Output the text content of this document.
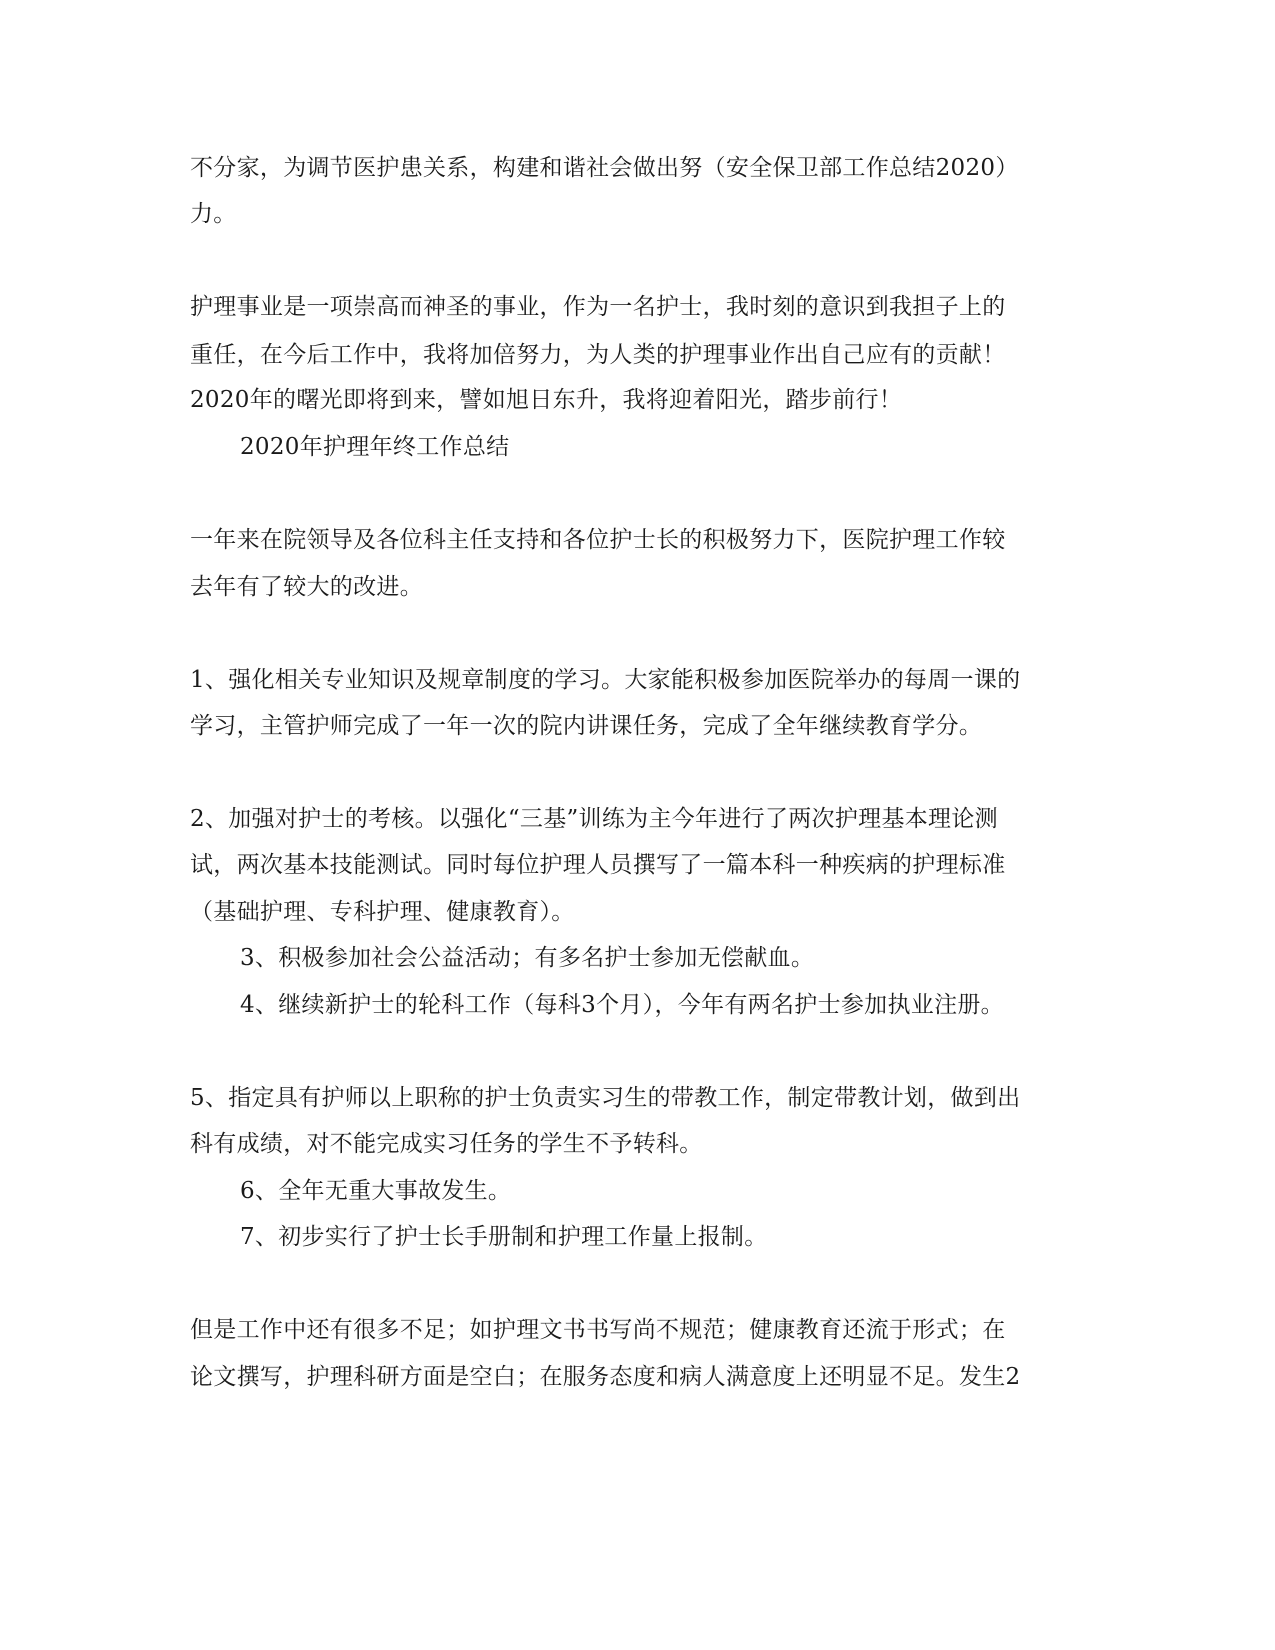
不分家，为调节医护患关系，构建和谐社会做出努（安全保卫部工作总结2020）
力。
护理事业是一项崇高而神圣的事业，作为一名护士，我时刻的意识到我担子上的
重任，在今后工作中，我将加倍努力，为人类的护理事业作出自己应有的贡献！
2020年的曙光即将到来，譬如旭日东升，我将迎着阳光，踏步前行！
2020年护理年终工作总结
一年来在院领导及各位科主任支持和各位护士长的积极努力下，医院护理工作较
去年有了较大的改进。
1、强化相关专业知识及规章制度的学习。大家能积极参加医院举办的每周一课的
学习，主管护师完成了一年一次的院内讲课任务，完成了全年继续教育学分。
2、加强对护士的考核。以强化“三基”训练为主今年进行了两次护理基本理论测
试，两次基本技能测试。同时每位护理人员撰写了一篇本科一种疾病的护理标准
（基础护理、专科护理、健康教育）。
3、积极参加社会公益活动；有多名护士参加无偿献血。
4、继续新护士的轮科工作（每科3个月），今年有两名护士参加执业注册。
5、指定具有护师以上职称的护士负责实习生的带教工作，制定带教计划，做到出
科有成绩，对不能完成实习任务的学生不予转科。
6、全年无重大事故发生。
7、初步实行了护士长手册制和护理工作量上报制。
但是工作中还有很多不足；如护理文书书写尚不规范；健康教育还流于形式；在
论文撰写，护理科研方面是空白；在服务态度和病人满意度上还明显不足。发生2
